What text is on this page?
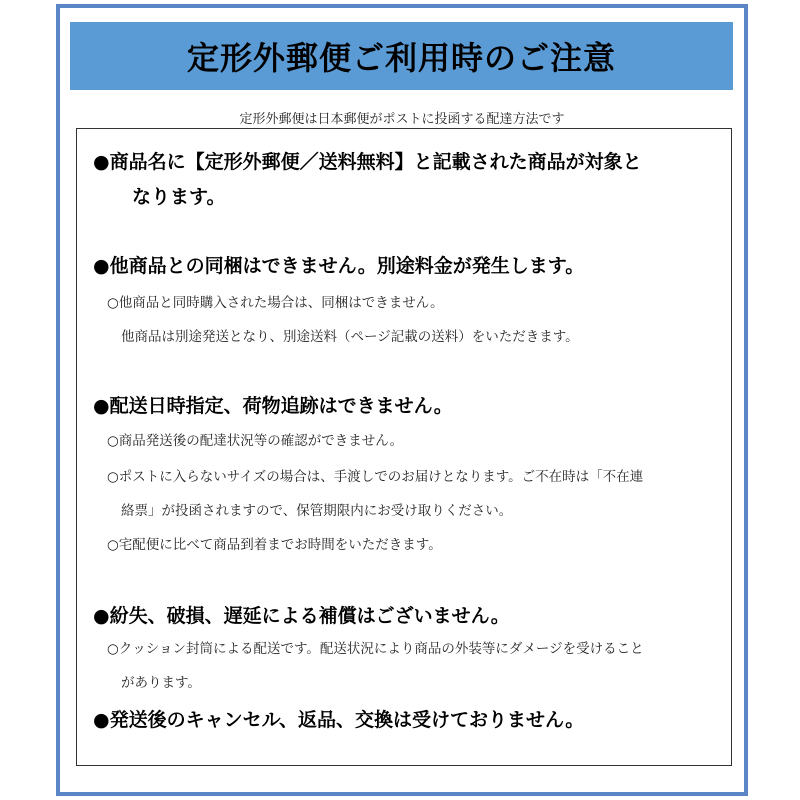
定形外郵便ご利用時のご注意
定形外郵便は日本郵便がポストに投函する配達方法です
●商品名に【定形外郵便／送料無料】と記載された商品が対象と
なります。
●他商品との同梱はできません。別途料金が発生します。
○他商品と同時購入された場合は、同梱はできません。
他商品は別途発送となり、別途送料（ページ記載の送料）をいただきます。
●配送日時指定、荷物追跡はできません。
○商品発送後の配達状況等の確認ができません。
○ポストに入らないサイズの場合は、手渡しでのお届けとなります。ご不在時は「不在連
絡票」が投函されますので、保管期限内にお受け取りください。
○宅配便に比べて商品到着までお時間をいただきます。
●紛失、破損、遅延による補償はございません。
○クッション封筒による配送です。配送状況により商品の外装等にダメージを受けること
があります。
●発送後のキャンセル、返品、交換は受けておりません。
